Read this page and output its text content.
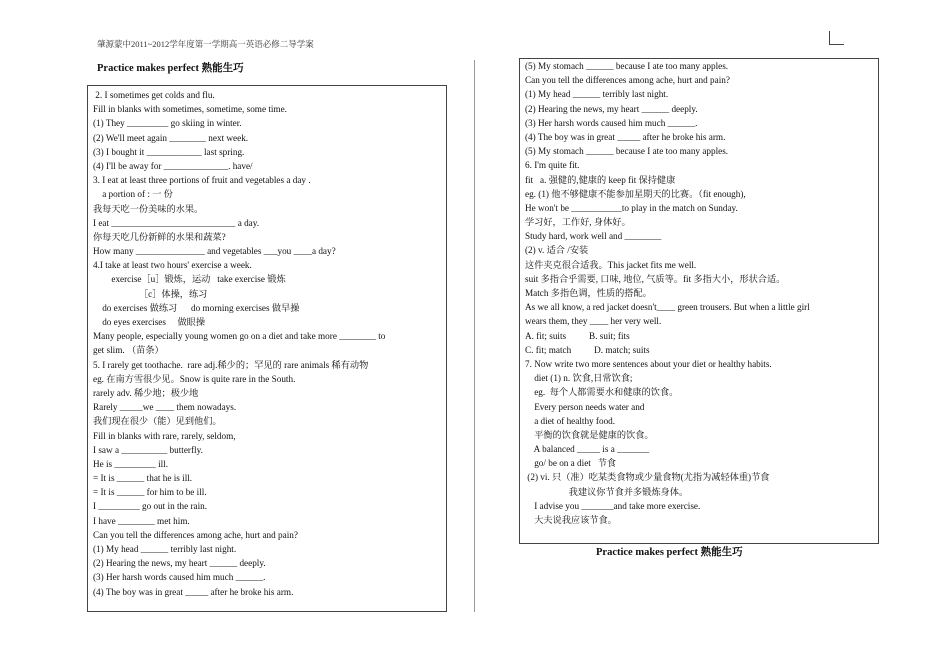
肇源蒙中2011~2012学年度第一学期高一英语必修二导学案
Practice makes perfect 熟能生巧
2. I sometimes get colds and flu.
Fill in blanks with sometimes, sometime, some time.
(1) They _________ go skiing in winter.
(2) We'll meet again ________ next week.
(3) I bought it ____________ last spring.
(4) I'll be away for ______________. have/
3. I eat at least three portions of fruit and vegetables a day .
a portion of : 一 份
我每天吃一份美味的水果。
I eat ___________________________ a day.
你每天吃几份新鲜的水果和蔬菜?
How many _______________ and vegetables ___you ____a day?
4.I take at least two hours' exercise a week.
exercise［u］锻炼，运动   take exercise 锻炼
［c］体操，练习
do exercises 做练习      do morning exercises 做早操
do eyes exercises     做眼操
Many people, especially young women go on a diet and take more ________ to
get slim. （苗条）
5. I rarely get toothache.  rare adj.稀少的；罕见的 rare animals 稀有动物
eg. 在南方雪很少见。Snow is quite rare in the South.
rarely adv. 稀少地；极少地
Rarely _____we ____ them nowadays.
我们现在很少（能）见到他们。
Fill in blanks with rare, rarely, seldom,
I saw a __________ butterfly.
He is _________ ill.
= It is ______ that he is ill.
= It is ______ for him to be ill.
I _________ go out in the rain.
I have ________ met him.
Can you tell the differences among ache, hurt and pain?
(1) My head ______ terribly last night.
(2) Hearing the news, my heart ______ deeply.
(3) Her harsh words caused him much ______.
(4) The boy was in great _____ after he broke his arm.
(5) My stomach ______ because I ate too many apples.
Can you tell the differences among ache, hurt and pain?
(1) My head ______ terribly last night.
(2) Hearing the news, my heart ______ deeply.
(3) Her harsh words caused him much ______.
(4) The boy was in great _____ after he broke his arm.
(5) My stomach ______ because I ate too many apples.
6. I'm quite fit.
fit   a. 强健的,健康的 keep fit 保持健康
eg. (1) 他不够健康不能参加星期天的比赛。（fit enough),
He won't be ___________to play in the match on Sunday.
学习好，工作好, 身体好。
Study hard, work well and ________
(2) v. 适合 /安装
这件夹克很合适我。This jacket fits me well.
suit 多指合乎需要, 口味, 地位, 气质等。fit 多指大小，形状合适。
Match 多指色调，性质的搭配。
As we all know, a red jacket doesn't____ green trousers. But when a little girl
wears them, they ____ her very well.
A. fit; suits          B. suit; fits
C. fit; match          D. match; suits
7. Now write two more sentences about your diet or healthy habits.
diet (1) n. 饮食,日常饮食;
eg.  每个人都需要水和健康的饮食。
Every person needs water and
a diet of healthy food.
平衡的饮食就是健康的饮食。
A balanced _____ is a _______
go/ be on a diet   节食
(2) vi. 只（准）吃某类食物或少量食物(尤指为减轻体重)节食
我建议你节食并多锻炼身体。
I advise you _______and take more exercise.
大夫说我应该节食。
Practice makes perfect 熟能生巧
